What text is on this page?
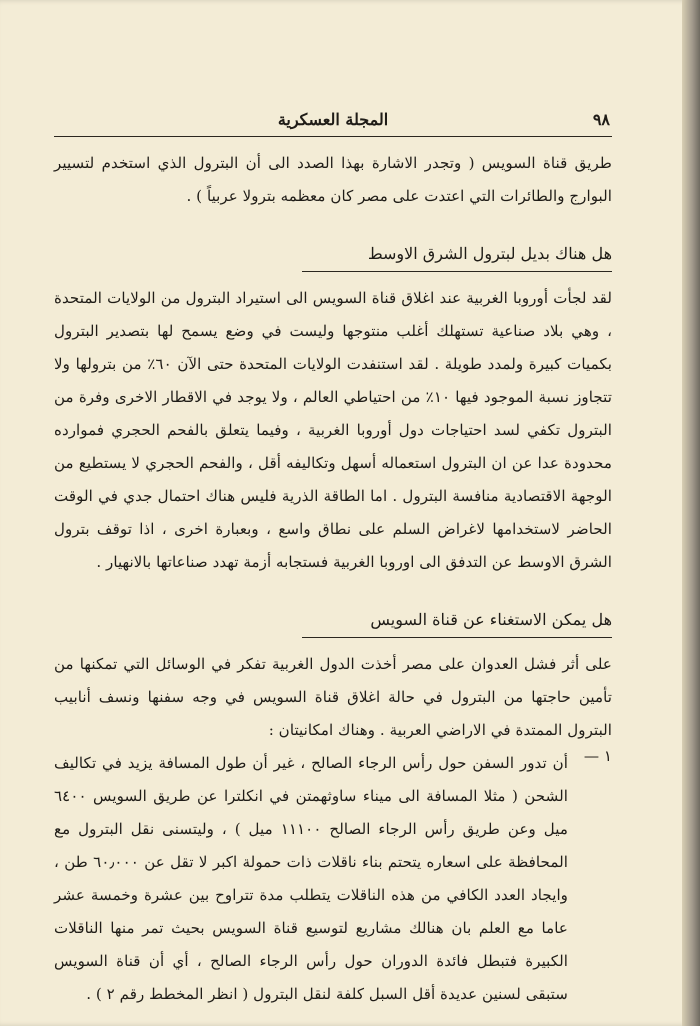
٩٨
المجلة العسكرية

طريق قناة السويس ( وتجدر الاشارة بهذا الصدد الى أن البترول الذي استخدم لتسيير البوارج والطائرات التي اعتدت على مصر كان معظمه بترولا عربياً ) .

هل هناك بديل لبترول الشرق الاوسط

لقد لجأت أوروبا الغربية عند اغلاق قناة السويس الى استيراد البترول من الولايات المتحدة ، وهي بلاد صناعية تستهلك أغلب منتوجها وليست في وضع يسمح لها بتصدير البترول بكميات كبيرة ولمدد طويلة . لقد استنفدت الولايات المتحدة حتى الآن ٦٠٪ من بترولها ولا تتجاوز نسبة الموجود فيها ١٠٪ من احتياطي العالم ، ولا يوجد في الاقطار الاخرى وفرة من البترول تكفي لسد احتياجات دول أوروبا الغربية ، وفيما يتعلق بالفحم الحجري فموارده محدودة عدا عن ان البترول استعماله أسهل وتكاليفه أقل ، والفحم الحجري لا يستطيع من الوجهة الاقتصادية منافسة البترول . اما الطاقة الذرية فليس هناك احتمال جدي في الوقت الحاضر لاستخدامها لاغراض السلم على نطاق واسع ، وبعبارة اخرى ، اذا توقف بترول الشرق الاوسط عن التدفق الى اوروبا الغربية فستجابه أزمة تهدد صناعاتها بالانهيار .

هل يمكن الاستغناء عن قناة السويس

على أثر فشل العدوان على مصر أخذت الدول الغربية تفكر في الوسائل التي تمكنها من تأمين حاجتها من البترول في حالة اغلاق قناة السويس في وجه سفنها ونسف أنابيب البترول الممتدة في الاراضي العربية . وهناك امكانيتان :

١ —

أن تدور السفن حول رأس الرجاء الصالح ، غير أن طول المسافة يزيد في تكاليف الشحن ( مثلا المسافة الى ميناء ساوثهمتن في انكلترا عن طريق السويس ٦٤٠٠ ميل وعن طريق رأس الرجاء الصالح ١١١٠٠ ميل ) ، وليتسنى نقل البترول مع المحافظة على اسعاره يتحتم بناء ناقلات ذات حمولة اكبر لا تقل عن ٦٠٫٠٠٠ طن ، وايجاد العدد الكافي من هذه الناقلات يتطلب مدة تتراوح بين عشرة وخمسة عشر عاما مع العلم بان هنالك مشاريع لتوسيع قناة السويس بحيث تمر منها الناقلات الكبيرة فتبطل فائدة الدوران حول رأس الرجاء الصالح ، أي أن قناة السويس ستبقى لسنين عديدة أقل السبل كلفة لنقل البترول ( انظر المخطط رقم ٢ ) .
